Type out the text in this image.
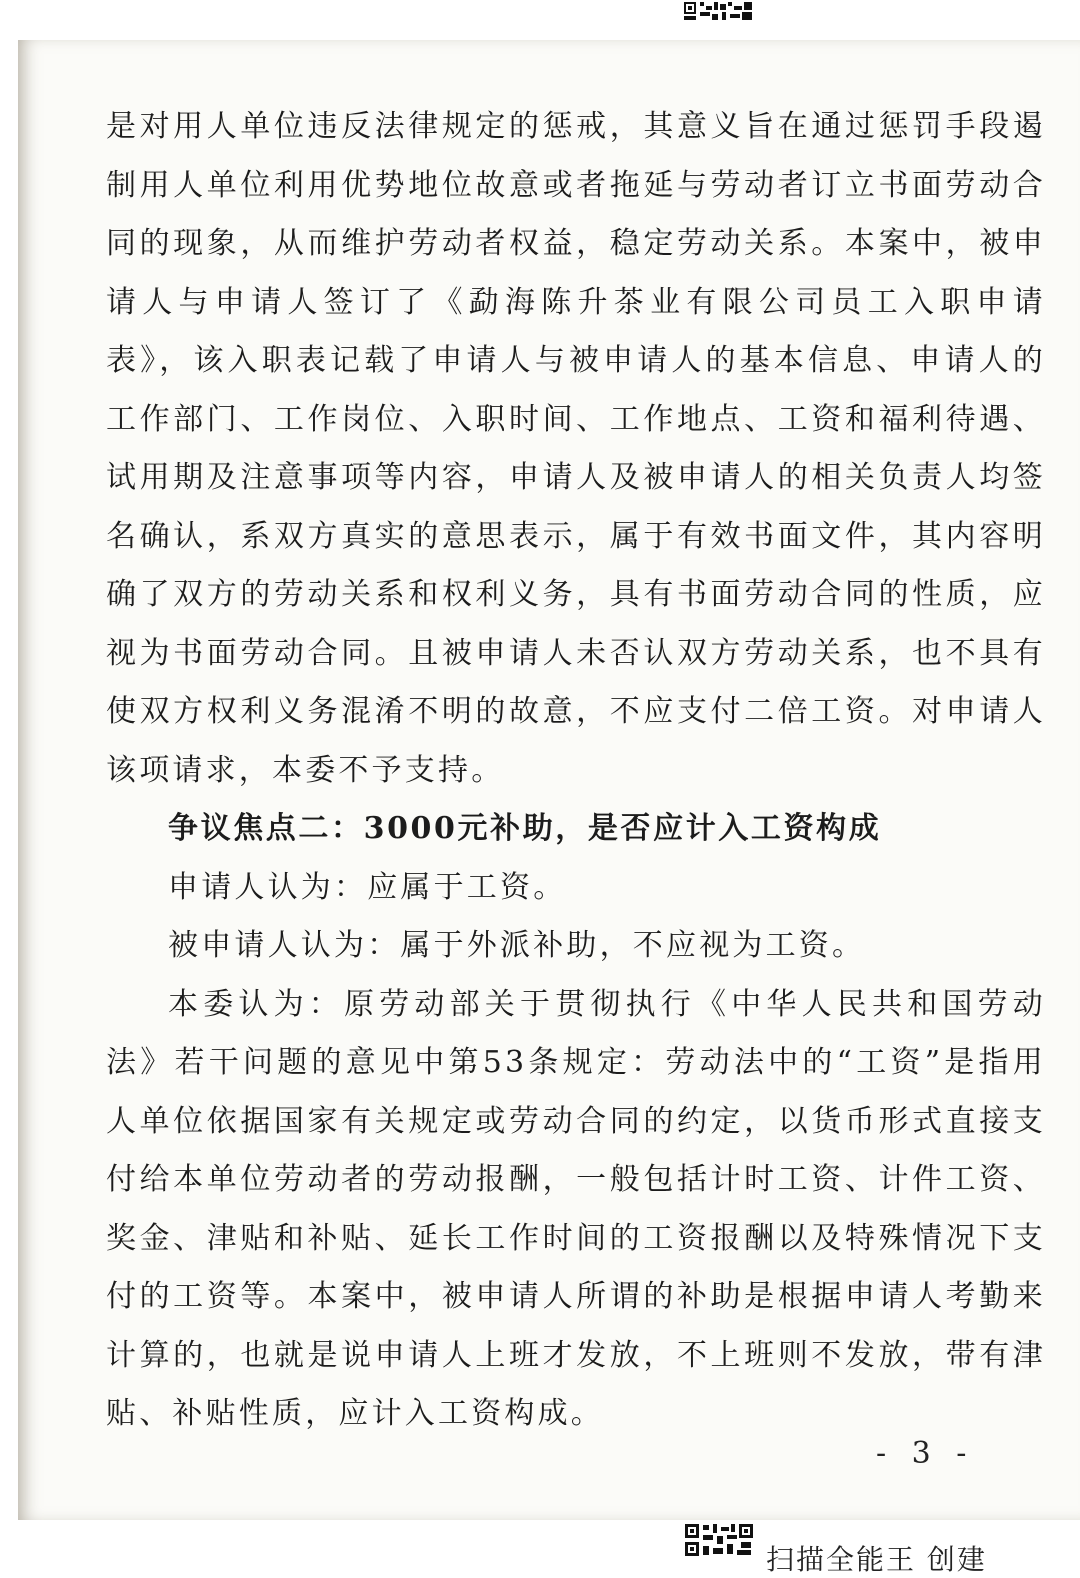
是对用人单位违反法律规定的惩戒，其意义旨在通过惩罚手段遏制用人单位利用优势地位故意或者拖延与劳动者订立书面劳动合同的现象，从而维护劳动者权益，稳定劳动关系。本案中，被申请人与申请人签订了《勐海陈升茶业有限公司员工入职申请表》，该入职表记载了申请人与被申请人的基本信息、申请人的工作部门、工作岗位、入职时间、工作地点、工资和福利待遇、试用期及注意事项等内容，申请人及被申请人的相关负责人均签名确认，系双方真实的意思表示，属于有效书面文件，其内容明确了双方的劳动关系和权利义务，具有书面劳动合同的性质，应视为书面劳动合同。且被申请人未否认双方劳动关系，也不具有使双方权利义务混淆不明的故意，不应支付二倍工资。对申请人该项请求，本委不予支持。

争议焦点二：3000元补助，是否应计入工资构成

申请人认为：应属于工资。

被申请人认为：属于外派补助，不应视为工资。

本委认为：原劳动部关于贯彻执行《中华人民共和国劳动法》若干问题的意见中第53条规定：劳动法中的“工资”是指用人单位依据国家有关规定或劳动合同的约定，以货币形式直接支付给本单位劳动者的劳动报酬，一般包括计时工资、计件工资、奖金、津贴和补贴、延长工作时间的工资报酬以及特殊情况下支付的工资等。本案中，被申请人所谓的补助是根据申请人考勤来计算的，也就是说申请人上班才发放，不上班则不发放，带有津贴、补贴性质，应计入工资构成。

- 3 -
扫描全能王 创建
